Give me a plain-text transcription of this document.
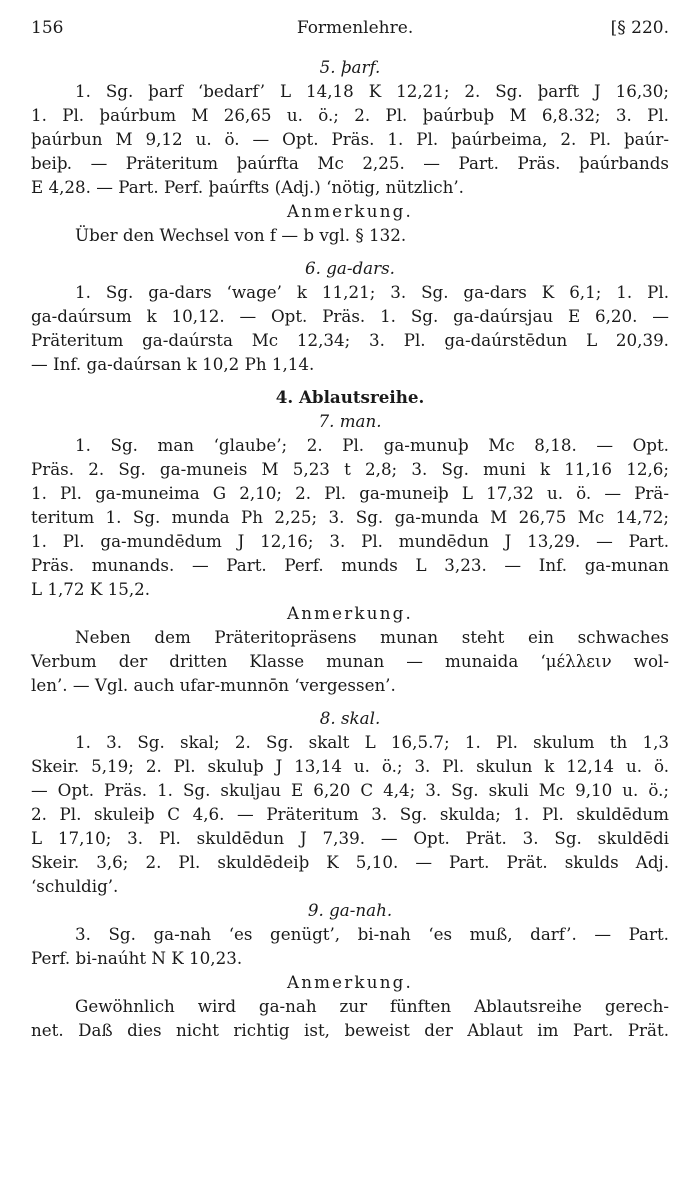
156	Formenlehre.	[§ 220.
5. þarf.
1. Sg. þarf ‘bedarf’ L 14,18 K 12,21; 2. Sg. þarft J 16,30;
1. Pl. þaúrbum M 26,65 u. ö.; 2. Pl. þaúrbuþ M 6,8.32; 3. Pl.
þaúrbun M 9,12 u. ö. — Opt. Präs. 1. Pl. þaúrbeima, 2. Pl. þaúr-
beiþ. — Präteritum þaúrfta Mc 2,25. — Part. Präs. þaúrbands
E 4,28. — Part. Perf. þaúrfts (Adj.) ‘nötig, nützlich’.
Anmerkung.
Über den Wechsel von f — b vgl. § 132.
6. ga-dars.
1. Sg. ga-dars ‘wage’ k 11,21; 3. Sg. ga-dars K 6,1; 1. Pl.
ga-daúrsum k 10,12. — Opt. Präs. 1. Sg. ga-daúrsjau E 6,20. —
Präteritum ga-daúrsta Mc 12,34; 3. Pl. ga-daúrstēdun L 20,39.
— Inf. ga-daúrsan k 10,2 Ph 1,14.
4. Ablautsreihe.
7. man.
1. Sg. man ‘glaube’; 2. Pl. ga-munuþ Mc 8,18. — Opt.
Präs. 2. Sg. ga-muneis M 5,23 t 2,8; 3. Sg. muni k 11,16 12,6;
1. Pl. ga-muneima G 2,10; 2. Pl. ga-muneiþ L 17,32 u. ö. — Prä-
teritum 1. Sg. munda Ph 2,25; 3. Sg. ga-munda M 26,75 Mc 14,72;
1. Pl. ga-mundēdum J 12,16; 3. Pl. mundēdun J 13,29. — Part.
Präs. munands. — Part. Perf. munds L 3,23. — Inf. ga-munan
L 1,72 K 15,2.
Anmerkung.
Neben dem Präteritopräsens munan steht ein schwaches
Verbum der dritten Klasse munan — munaida ‘μέλλειν wol-
len’. — Vgl. auch ufar-munnōn ‘vergessen’.
8. skal.
1. 3. Sg. skal; 2. Sg. skalt L 16,5.7; 1. Pl. skulum th 1,3
Skeir. 5,19; 2. Pl. skuluþ J 13,14 u. ö.; 3. Pl. skulun k 12,14 u. ö.
— Opt. Präs. 1. Sg. skuljau E 6,20 C 4,4; 3. Sg. skuli Mc 9,10 u. ö.;
2. Pl. skuleiþ C 4,6. — Präteritum 3. Sg. skulda; 1. Pl. skuldēdum
L 17,10; 3. Pl. skuldēdun J 7,39. — Opt. Prät. 3. Sg. skuldēdi
Skeir. 3,6; 2. Pl. skuldēdeiþ K 5,10. — Part. Prät. skulds Adj.
‘schuldig’.
9. ga-nah.
3. Sg. ga-nah ‘es genügt’, bi-nah ‘es muß, darf’. — Part.
Perf. bi-naúht N K 10,23.
Anmerkung.
Gewöhnlich wird ga-nah zur fünften Ablautsreihe gerech-
net. Daß dies nicht richtig ist, beweist der Ablaut im Part. Prät.
